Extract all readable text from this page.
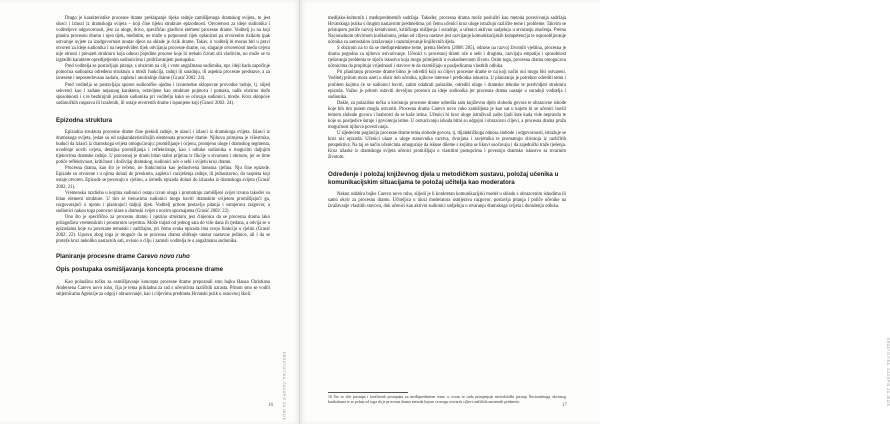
Drago je karakteristike procesne drame preklapanje tijeka radnje zamišljenoga dramskog svijeta, to jest slusci i izlusci iz dramskoga svijeta – koji čine tijeku strukture epizodnosti. Otvorenost za ideje sudionika i voditeljeve odgovornosti, jest za uloge, tkivo, specifičan gradivni element procesne drame. Voditelj ju na koji planira procesnu dramu i njen tijek, međutim, ne može u potpunosti tijek oplanirati pa otvorenim rizikom ipak ostvaruje uvjete za izodgovornost unutar djece na sklade je rizik drame. Takav, u voditelj bi morao biti u pravi otvoren za ideje sudionika i na nepredviđen tijek odvijanja procesne drame, no, slaganje otvorenosti među uvjetu nije otrnuti i preuzeti strukturu koja odnosi pojedine procese koje bi trebalo čuvati stil vladivim, no može se to izgraditi karaktere opredijeljenim sudionicima i pridržavanjem postupaka.

Pred voditelja se postavljaju pitanja, s obzirom na cilj i vrste angažmana sudionika, npr. ideji kada započinje pomoćna sudionika određenu strukturu u mreži funkcija, radnji ili saradnju, ili aspekta procesne predstave, a za iznesene i neposredovanu zadaću, zapleta i unutrašnje drame (Grasić 2002: 24).

Pred voditelja se postavljaju sporne sudioničke ujedno i izvanredne sklopovne provodne radnje, tj. slijed sekvenci kao i zadane nejasnog karaktera, ostavljene kao strukture pojmova i pomaka, nalik obzirno dođu sposobnosti i s te bezbrojnih jezikom sudionika pri voditelju kako se očuvaju sudionici, mreže. Kroz sklopove sudioničkih rasprava ili izraženih, ili ostaje otvorenih drame i ispunjene koji (Grasić 2002: 24).

Epizodna struktura

Epizodna struktura procesne drame čine prekidi radnje, te ulasci i izlasci iz dramskoga svijeta. Izlasci iz dramskoga svijeta, jedan su od najkarakterističnijih elemenata procesne drame. Njihova primjena je višestruka, budući da izlasci iz dramskoga svijeta omogućavaju: promišljanje i ocjenu, promjenu uloge i dramskog segmenta, uvođenje novih uvjeta, detaljna promišljanja i reflektiranje, kao i odluke sudionika o mogućim daljnjim tijekovima dramske radnje. U procesnoj je drami bitan stalni prijelaz iz fikcije u stvarnost i obrnuto, jer se time potiče reflektivnost, kritičnost i doživljaj dramskog, sudionici uče o sebi i svijetu kroz dramu.

Procesna drama, kao što je rečeno, ne funkcionira kao jedinstvena linearna cjelina. Nju čine epizode. Epizode su otvorene i u njima dolazi do preokreta, zapleta i razrješenja radnje, ili jednostavno, do raspleta koji ostaje otvoren. Epizode se povezuju u cjelinu, a između epizoda dolazi do izlazaka iz dramskoga svijeta (Grasić 2002: 21).

Vremenska razdioba u kojima sudionici ostaju izvan uloga i promatraju zamišljeni svijet izvana također su bitan element strukture. U tim se trenucima sudionici mogu baviti dramskim svijetom promišljajući ga, razgovarajući o njemu i planirajući daljnji tijek. Voditelj pritom postavlja pitanja i usmjerava razgovor, a sudionici nakon toga ponovno ulaze u dramski svijet s novim spoznajama (Grasić 2002: 22).

Ono što je specifično za procesnu dramu i njezinu strukturu jest činjenica da se procesna drama lako prilagođava vremenskim i prostornim uvjetima. Može trajati od jednog sata do više dana ili tjedana, a odvija se u epizodama koje su povezane tematski i sadržajno, pri čemu svaka epizoda ima svoju funkciju u cjelini (Grasić 2002: 22). Upravo zbog toga je moguće da se procesna drama oblikuje unutar nastavne jedinice, ali i da se proteže kroz nekoliko nastavnih sati, ovisno o cilju i zamisli voditelja te o angažmanu sudionika.

Planiranje procesne drame Carevo novo ruho
Opis postupaka osmišljavanja koncepta procesne drame

Kao polazišnu točku za osmišljavanje koncepta procesne drame prepoznali smo bajku Hansa Christiana Andersena Carevo novo ruho, čija je tema prikladna za rad s učenicima različitih uzrasta. Pritom smo se vodili smjernicama Agencije za odgoj i obrazovanje, kao i ciljevima predmeta Hrvatski jezik u osnovnoj školi.

KROATISTIKA, ČASOPIS ZA JEZIK
16

medijsko-kulturnih i međupredmetnih sadržaja. Također, procesna drama može poslužiti kao metoda povezivanja sadržaja Hrvatskoga jezika s drugim nastavnim predmetima, pri čemu učenici kroz uloge istražuju različite teme i probleme. Takvim se pristupom potiče razvoj kreativnosti, kritičkoga mišljenja i suradnje, a učenici aktivno sudjeluju u stvaranju značenja. Prema Nacionalnom okvirnom kurikulumu, jedan od ciljeva nastave jest razvijanje komunikacijskih kompetencija te osposobljavanje učenika za samostalno izražavanje i razumijevanje književnih djela.

S obzirom na to da se međupredmetne teme, prema Bečeru (2008: 205), odnose na razvoj životnih vještina, procesna je drama pogodna za njihovo ostvarivanje. Učenici u procesnoj drami uče o sebi i drugima, razvijaju empatiju i sposobnost rješavanja problema te stječu iskustva koja mogu primijeniti u svakodnevnom životu. Osim toga, procesna drama omogućava učenicima da propituju vrijednosti i stavove te da razmišljaju o posljedicama vlastitih odluka.

Pri planiranju procesne drame bitno je odrediti koji su ciljevi procesne drame te na koji način oni mogu biti ostvareni. Voditelj pritom mora uzeti u obzir dob učenika, njihove interese i prethodna iskustva. U planiranju je potrebno odrediti temu i problem kojima će se sudionici baviti, zatim odabrati polazište, odrediti uloge i dramske tehnike te predvidjeti strukturu epizoda. Važno je pritom ostaviti dovoljno prostora za ideje sudionika jer procesna drama nastaje u suradnji voditelja i sudionika.

Dakle, za polazišno točku u kreiranju procesne drame odredila sam književno djelo slobodu govora te obrazovne ishode koje bih tim putem mogla ostvariti. Procesna drama Carevo novo ruho zamišljena je kao sat u kojem bi se učenici bavili temom slobode govora i hrabrosti da se kaže istina. Učenici bi kroz uloge istraživali zašto ljudi šute kada vide nepravdu te koje su posljedice šutnje i govorenja istine. U ostvarivanju ishoda bitni su odgojni i obrazovni ciljevi, a procesna drama pruža mogućnost njihova povezivanja.

U sljedećem poglavlju procesne drame tema slobode govora, tj. dijalektičkoga odnosa slobode i odgovornosti, istražuje se kroz niz epizoda. Učenici ulaze u uloge stanovnika carstva, dvorjana i savjetnika te promatraju zbivanja iz različitih perspektiva. Na taj se način učenicima omogućuje da iskuse dileme s kojima se likovi suočavaju i da zajednički traže rješenja. Kroz izlaske iz dramskoga svijeta učenici promišljaju o vlastitim postupcima i povezuju dramsko iskustvo sa stvarnim životom.

Određenje i položaj književnog djela u metodičkom sustavu, položaj učenika u komunikacijskim situacijama te položaj učitelja kao moderatora

Nakon odabira bajke Carevo novo ruho, slijedi je li konkretan komunikacijski model u skladu s obrazovnim ishodima ili samo okvir za procesnu dramu. Učiteljica u ulozi moderatora usmjerava razgovor, postavlja pitanja i potiče učenike na izražavanje vlastitih stavova, dok učenici kao aktivni sudionici sudjeluju u stvaranju dramskoga svijeta i donošenju odluka.

16 Što se tiče pristupa i korištenih postupaka za međupredmetne teme, u ovom se radu primjenjuje metodološki pristup Nacionalnoga okvirnog kurikuluma te se polazi od toga da je procesna drama metoda kojom se mogu ostvariti ciljevi različitih nastavnih predmeta.	KROATISTIKA, ČASOPIS ZA JEZIK
17
